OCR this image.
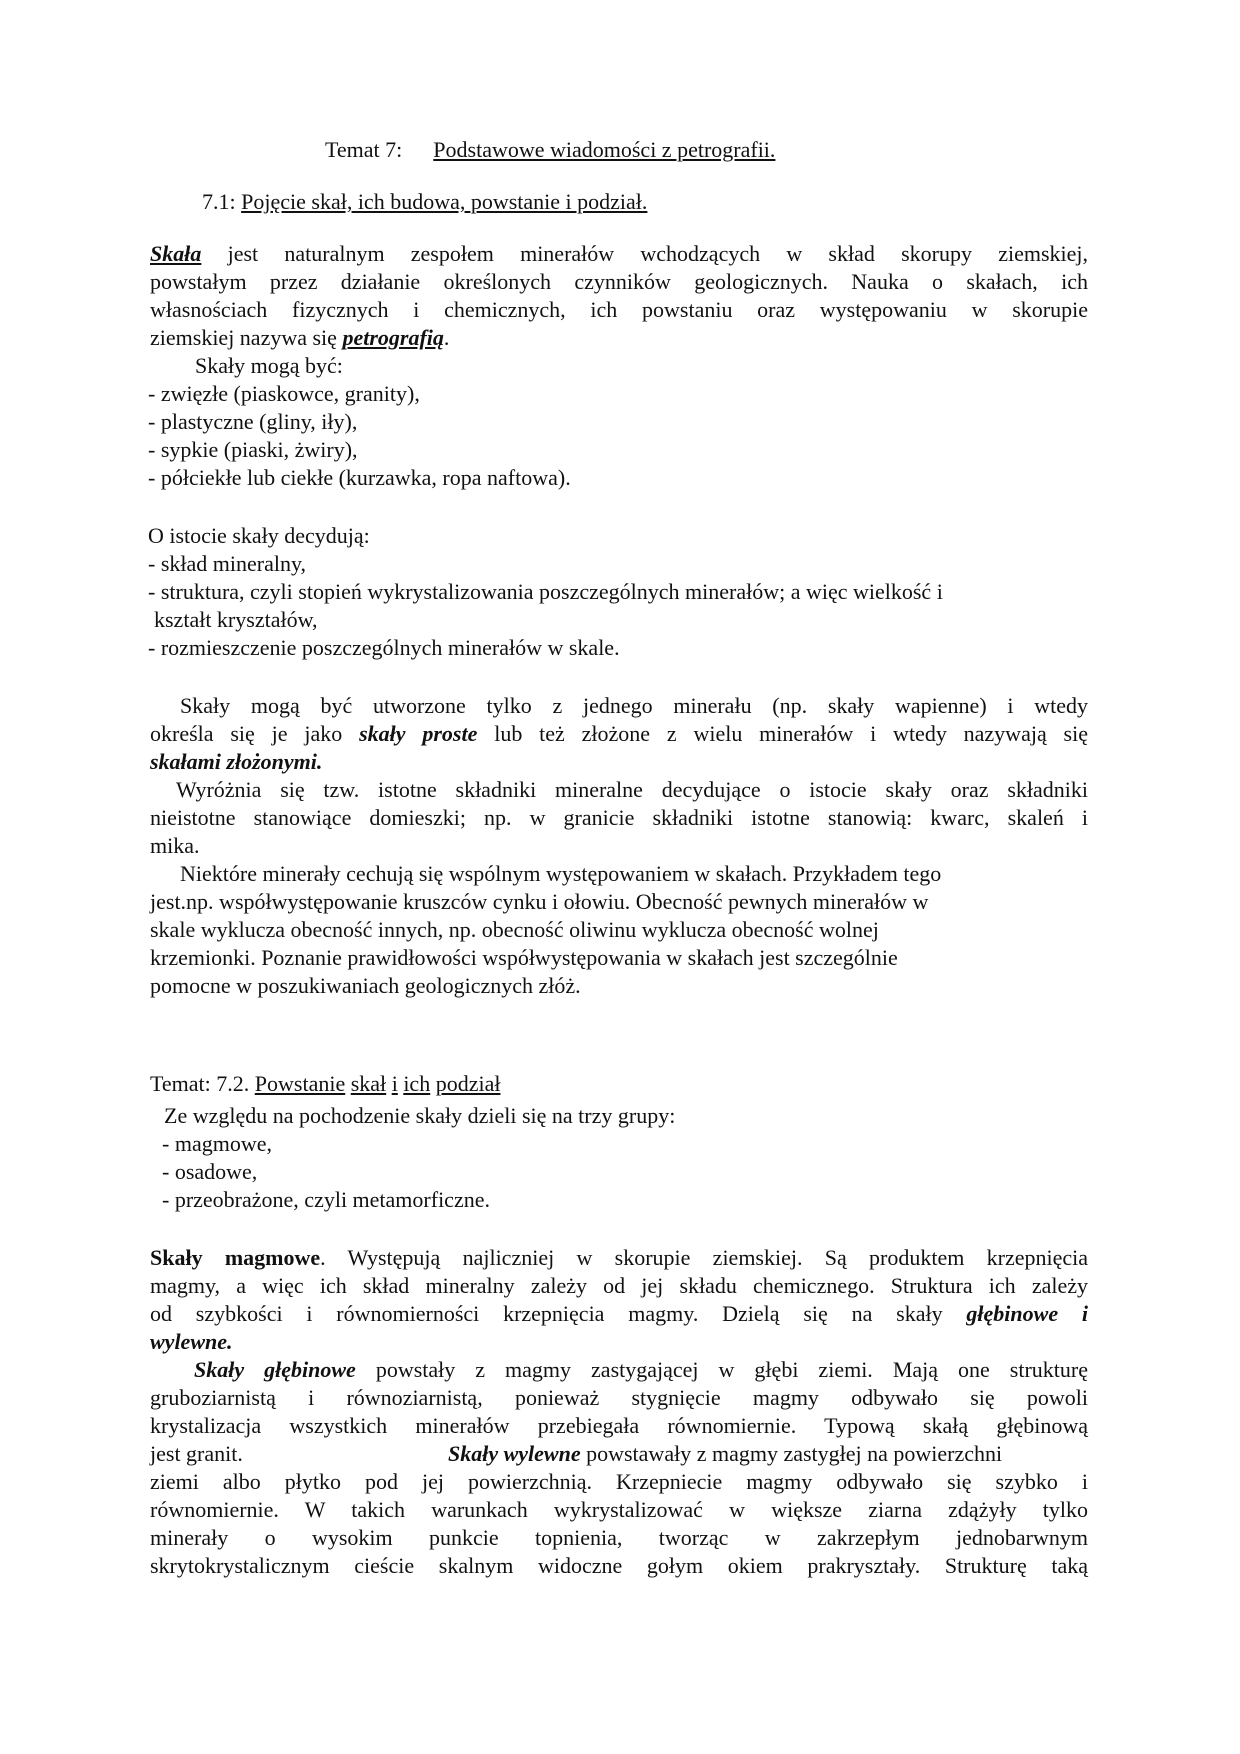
Temat 7: Podstawowe wiadomości z petrografii.
7.1: Pojęcie skał, ich budowa, powstanie i podział.
Skała jest naturalnym zespołem minerałów wchodzących w skład skorupy ziemskiej,
powstałym przez działanie określonych czynników geologicznych. Nauka o skałach, ich
własnościach fizycznych i chemicznych, ich powstaniu oraz występowaniu w skorupie
ziemskiej nazywa się petrografią.
Skały mogą być:
- zwięzłe (piaskowce, granity),
- plastyczne (gliny, iły),
- sypkie (piaski, żwiry),
- półciekłe lub ciekłe (kurzawka, ropa naftowa).
O istocie skały decydują:
- skład mineralny,
- struktura, czyli stopień wykrystalizowania poszczególnych minerałów; a więc wielkość i
kształt kryształów,
- rozmieszczenie poszczególnych minerałów w skale.
Skały mogą być utworzone tylko z jednego minerału (np. skały wapienne) i wtedy
określa się je jako skały proste lub też złożone z wielu minerałów i wtedy nazywają się
skałami złożonymi.
Wyróżnia się tzw. istotne składniki mineralne decydujące o istocie skały oraz składniki
nieistotne stanowiące domieszki; np. w granicie składniki istotne stanowią: kwarc, skaleń i
mika.
Niektóre minerały cechują się wspólnym występowaniem w skałach. Przykładem tego
jest.np. współwystępowanie kruszców cynku i ołowiu. Obecność pewnych minerałów w
skale wyklucza obecność innych, np. obecność oliwinu wyklucza obecność wolnej
krzemionki. Poznanie prawidłowości współwystępowania w skałach jest szczególnie
pomocne w poszukiwaniach geologicznych złóż.
Temat: 7.2. Powstanie skał i ich podział
Ze względu na pochodzenie skały dzieli się na trzy grupy:
- magmowe,
- osadowe,
- przeobrażone, czyli metamorficzne.
Skały magmowe. Występują najliczniej w skorupie ziemskiej. Są produktem krzepnięcia
magmy, a więc ich skład mineralny zależy od jej składu chemicznego. Struktura ich zależy
od szybkości i równomierności krzepnięcia magmy. Dzielą się na skały głębinowe i
wylewne.
Skały głębinowe powstały z magmy zastygającej w głębi ziemi. Mają one strukturę
gruboziarnistą i równoziarnistą, ponieważ stygnięcie magmy odbywało się powoli
krystalizacja wszystkich minerałów przebiegała równomiernie. Typową skałą głębinową
jest granit.	Skały wylewne powstawały z magmy zastygłej na powierzchni
ziemi albo płytko pod jej powierzchnią. Krzepniecie magmy odbywało się szybko i
równomiernie. W takich warunkach wykrystalizować w większe ziarna zdążyły tylko
minerały o wysokim punkcie topnienia, tworząc w zakrzepłym jednobarwnym
skrytokrystalicznym cieście skalnym widoczne gołym okiem prakryształy. Strukturę taką
